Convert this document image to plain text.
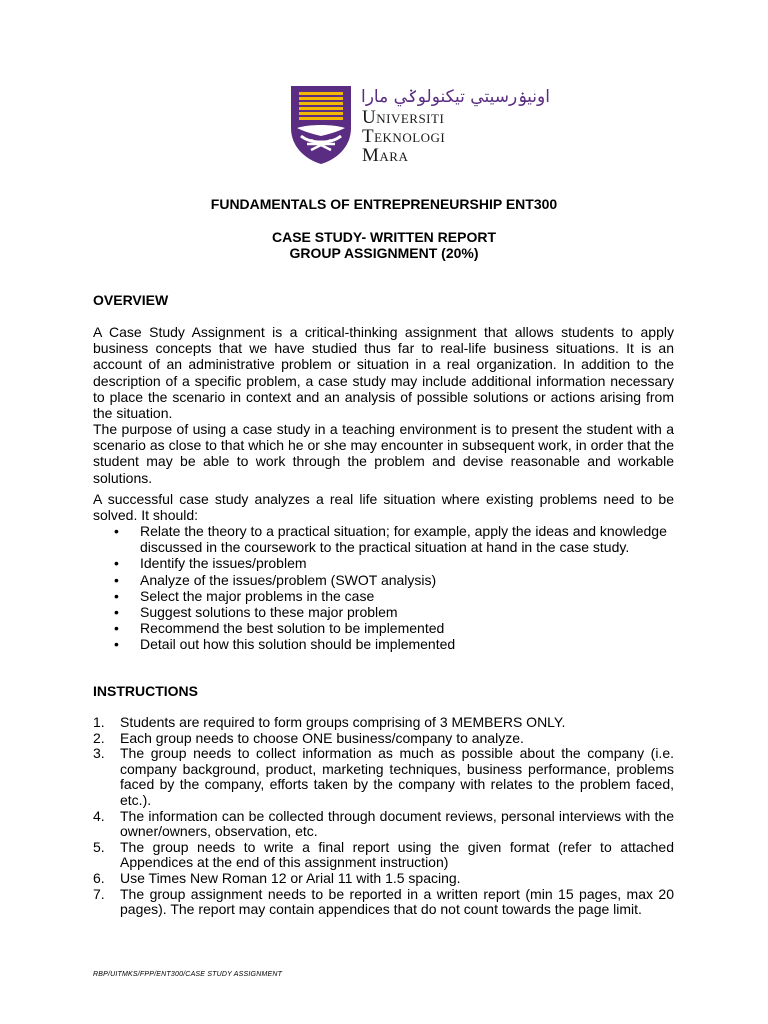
اونيۏرسيتي تيكنولوݢي مارا
Universiti
Teknologi
Mara
FUNDAMENTALS OF ENTREPRENEURSHIP ENT300
CASE STUDY- WRITTEN REPORT
GROUP ASSIGNMENT (20%)
OVERVIEW

A Case Study Assignment is a critical-thinking assignment that allows students to apply business concepts that we have studied thus far to real-life business situations. It is an account of an administrative problem or situation in a real organization. In addition to the description of a specific problem, a case study may include additional information necessary to place the scenario in context and an analysis of possible solutions or actions arising from the situation.

The purpose of using a case study in a teaching environment is to present the student with a scenario as close to that which he or she may encounter in subsequent work, in order that the student may be able to work through the problem and devise reasonable and workable solutions.

A successful case study analyzes a real life situation where existing problems need to be solved. It should:

• Relate the theory to a practical situation; for example, apply the ideas and knowledge discussed in the coursework to the practical situation at hand in the case study.
• Identify the issues/problem
• Analyze of the issues/problem (SWOT analysis)
• Select the major problems in the case
• Suggest solutions to these major problem
• Recommend the best solution to be implemented
• Detail out how this solution should be implemented
INSTRUCTIONS
1. Students are required to form groups comprising of 3 MEMBERS ONLY.
2. Each group needs to choose ONE business/company to analyze.
3. The group needs to collect information as much as possible about the company (i.e. company background, product, marketing techniques, business performance, problems faced by the company, efforts taken by the company with relates to the problem faced, etc.).
4. The information can be collected through document reviews, personal interviews with the owner/owners, observation, etc.
5. The group needs to write a final report using the given format (refer to attached Appendices at the end of this assignment instruction)
6. Use Times New Roman 12 or Arial 11 with 1.5 spacing.
7. The group assignment needs to be reported in a written report (min 15 pages, max 20 pages). The report may contain appendices that do not count towards the page limit.
RBP/UITMKS/FPP/ENT300/CASE STUDY ASSIGNMENT
